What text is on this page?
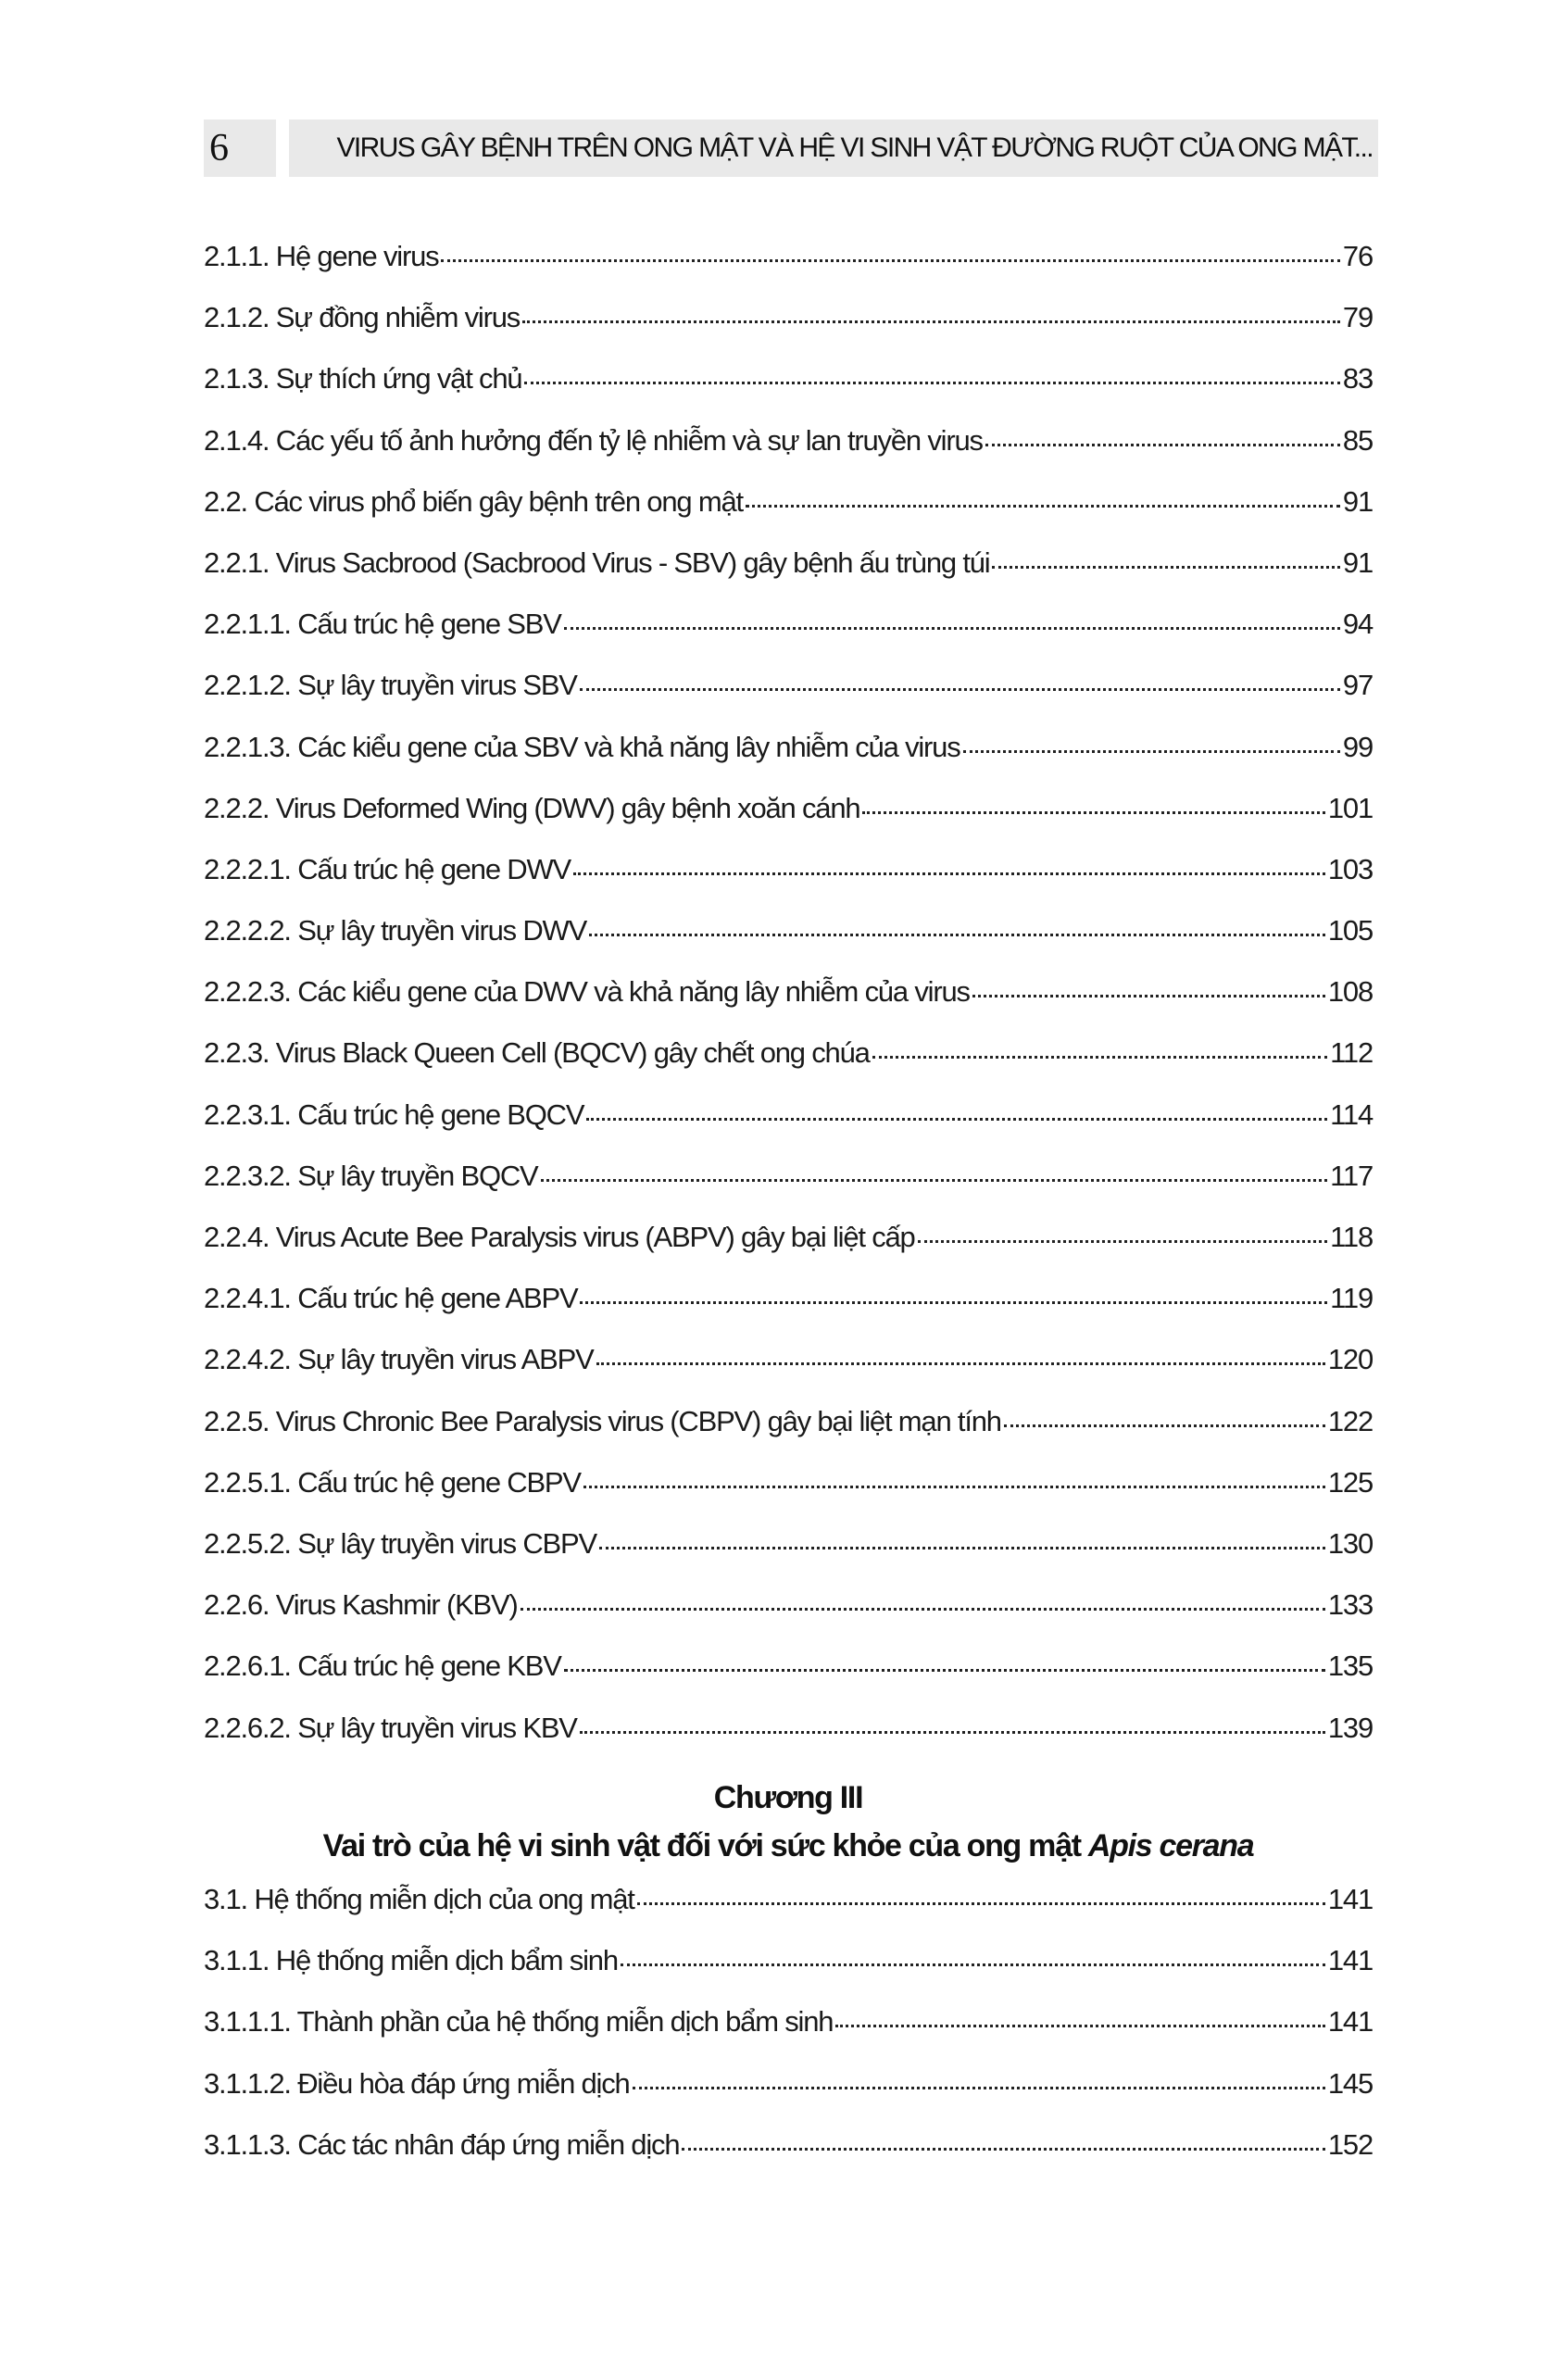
6	VIRUS GÂY BỆNH TRÊN ONG MẬT VÀ HỆ VI SINH VẬT ĐƯỜNG RUỘT CỦA ONG MẬT...
2.1.1. Hệ gene virus	76
2.1.2. Sự đồng nhiễm virus	79
2.1.3. Sự thích ứng vật chủ	83
2.1.4. Các yếu tố ảnh hưởng đến tỷ lệ nhiễm và sự lan truyền virus	85
2.2. Các virus phổ biến gây bệnh trên ong mật	91
2.2.1. Virus Sacbrood (Sacbrood Virus - SBV) gây bệnh ấu trùng túi	91
2.2.1.1. Cấu trúc hệ gene SBV	94
2.2.1.2. Sự lây truyền virus SBV	97
2.2.1.3. Các kiểu gene của SBV và khả năng lây nhiễm của virus	99
2.2.2. Virus Deformed Wing (DWV) gây bệnh xoăn cánh	101
2.2.2.1. Cấu trúc hệ gene DWV	103
2.2.2.2. Sự lây truyền virus DWV	105
2.2.2.3. Các kiểu gene của DWV và khả năng lây nhiễm của virus	108
2.2.3. Virus Black Queen Cell (BQCV) gây chết ong chúa	112
2.2.3.1. Cấu trúc hệ gene BQCV	114
2.2.3.2. Sự lây truyền BQCV	117
2.2.4. Virus Acute Bee Paralysis virus (ABPV) gây bại liệt cấp	118
2.2.4.1. Cấu trúc hệ gene ABPV	119
2.2.4.2. Sự lây truyền virus ABPV	120
2.2.5. Virus Chronic Bee Paralysis virus (CBPV) gây bại liệt mạn tính	122
2.2.5.1. Cấu trúc hệ gene CBPV	125
2.2.5.2. Sự lây truyền virus CBPV	130
2.2.6. Virus Kashmir (KBV)	133
2.2.6.1. Cấu trúc hệ gene KBV	135
2.2.6.2. Sự lây truyền virus KBV	139
Chương III
Vai trò của hệ vi sinh vật đối với sức khỏe của ong mật Apis cerana
3.1. Hệ thống miễn dịch của ong mật	141
3.1.1. Hệ thống miễn dịch bẩm sinh	141
3.1.1.1. Thành phần của hệ thống miễn dịch bẩm sinh	141
3.1.1.2. Điều hòa đáp ứng miễn dịch	145
3.1.1.3. Các tác nhân đáp ứng miễn dịch	152
